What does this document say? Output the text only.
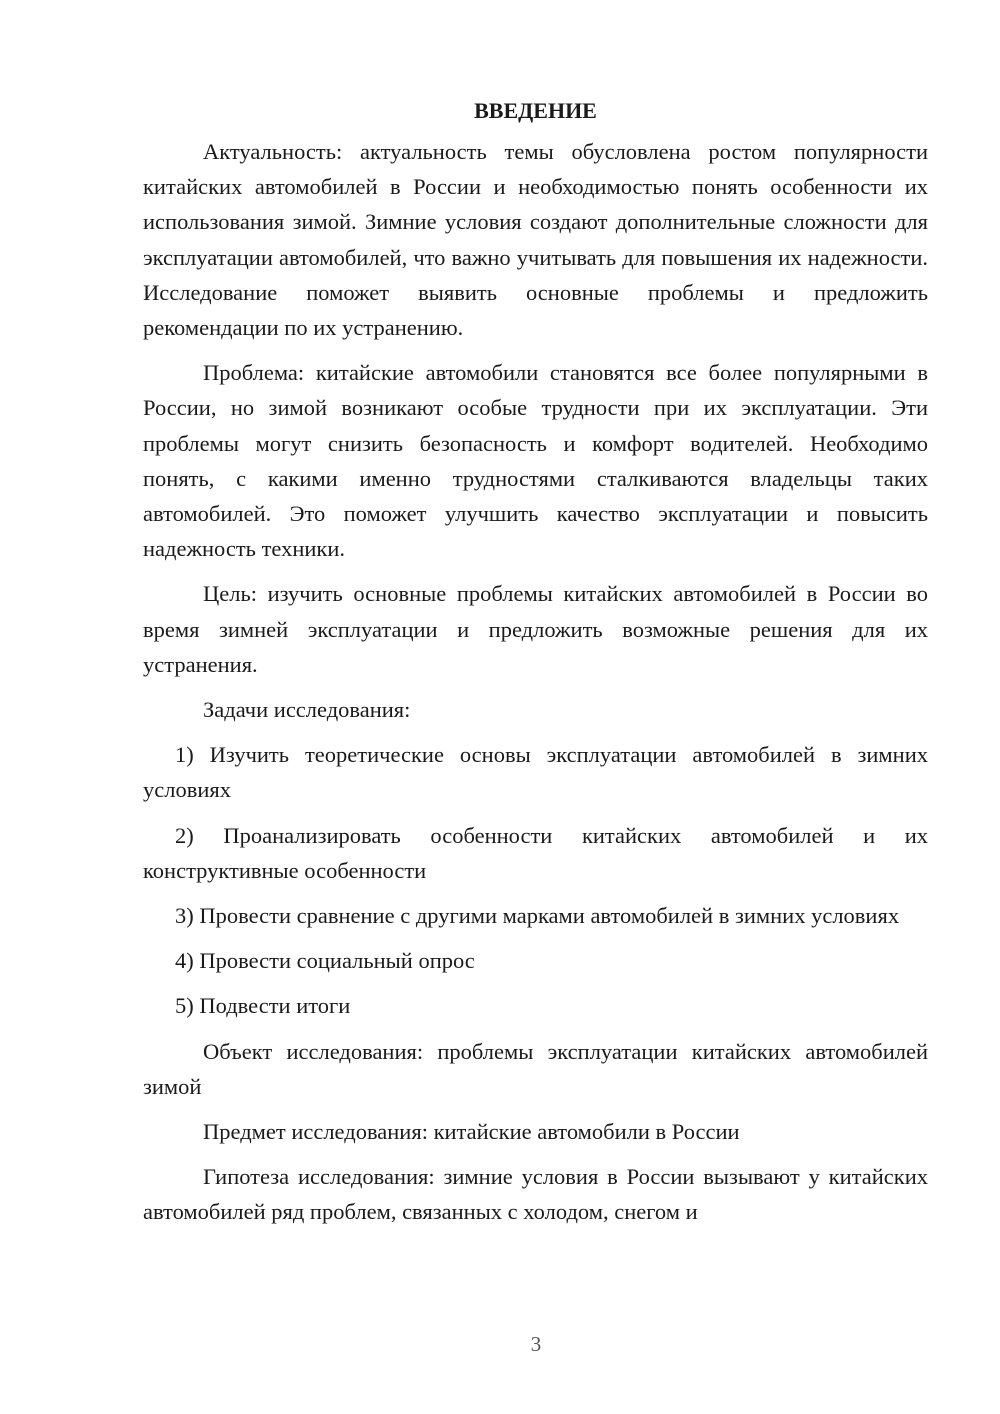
ВВЕДЕНИЕ

Актуальность: актуальность темы обусловлена ростом популярности китайских автомобилей в России и необходимостью понять особенности их использования зимой. Зимние условия создают дополнительные сложности для эксплуатации автомобилей, что важно учитывать для повышения их надежности. Исследование поможет выявить основные проблемы и предложить рекомендации по их устранению.

Проблема: китайские автомобили становятся все более популярными в России, но зимой возникают особые трудности при их эксплуатации. Эти проблемы могут снизить безопасность и комфорт водителей. Необходимо понять, с какими именно трудностями сталкиваются владельцы таких автомобилей. Это поможет улучшить качество эксплуатации и повысить надежность техники.

Цель: изучить основные проблемы китайских автомобилей в России во время зимней эксплуатации и предложить возможные решения для их устранения.

Задачи исследования:

1) Изучить теоретические основы эксплуатации автомобилей в зимних условиях

2) Проанализировать особенности китайских автомобилей и их конструктивные особенности

3) Провести сравнение с другими марками автомобилей в зимних условиях

4) Провести социальный опрос

5) Подвести итоги

Объект исследования: проблемы эксплуатации китайских автомобилей зимой

Предмет исследования: китайские автомобили в России

Гипотеза исследования: зимние условия в России вызывают у китайских автомобилей ряд проблем, связанных с холодом, снегом и

3
